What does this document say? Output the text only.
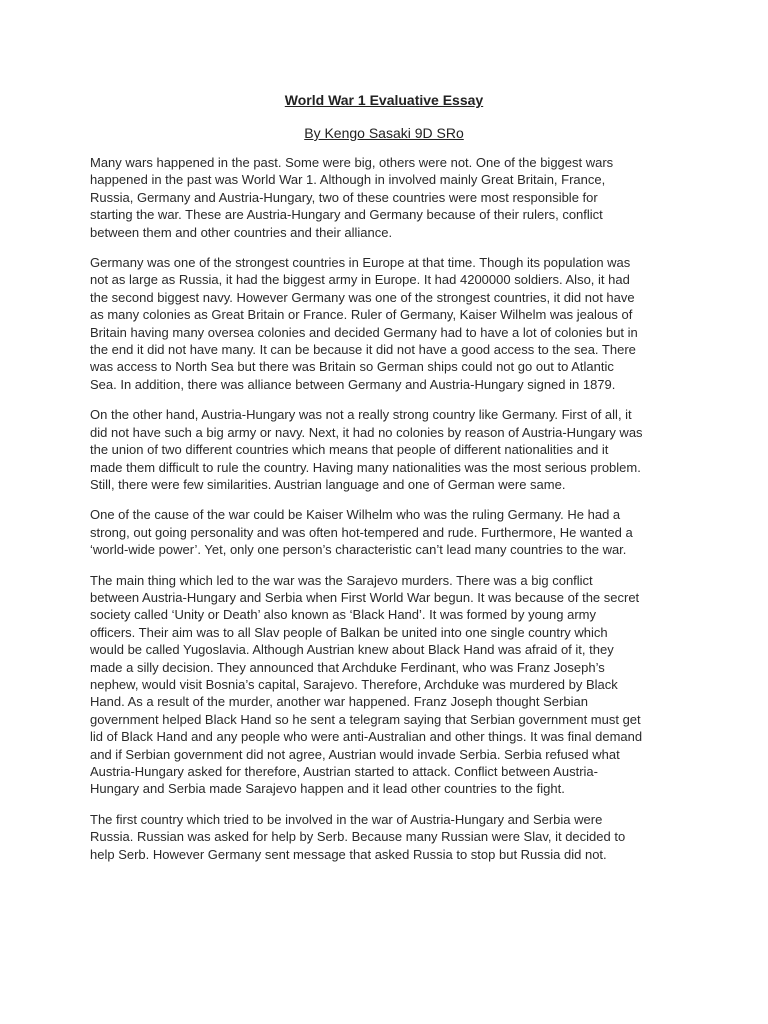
World War 1 Evaluative Essay

By Kengo Sasaki 9D SRo

Many wars happened in the past. Some were big, others were not. One of the biggest wars
happened in the past was World War 1. Although in involved mainly Great Britain, France,
Russia, Germany and Austria-Hungary, two of these countries were most responsible for
starting the war. These are Austria-Hungary and Germany because of their rulers, conflict
between them and other countries and their alliance.

Germany was one of the strongest countries in Europe at that time. Though its population was
not as large as Russia, it had the biggest army in Europe. It had 4200000 soldiers. Also, it had
the second biggest navy. However Germany was one of the strongest countries, it did not have
as many colonies as Great Britain or France. Ruler of Germany, Kaiser Wilhelm was jealous of
Britain having many oversea colonies and decided Germany had to have a lot of colonies but in
the end it did not have many. It can be because it did not have a good access to the sea. There
was access to North Sea but there was Britain so German ships could not go out to Atlantic
Sea. In addition, there was alliance between Germany and Austria-Hungary signed in 1879.

On the other hand, Austria-Hungary was not a really strong country like Germany. First of all, it
did not have such a big army or navy. Next, it had no colonies by reason of Austria-Hungary was
the union of two different countries which means that people of different nationalities and it
made them difficult to rule the country. Having many nationalities was the most serious problem.
Still, there were few similarities. Austrian language and one of German were same.

One of the cause of the war could be Kaiser Wilhelm who was the ruling Germany. He had a
strong, out going personality and was often hot-tempered and rude. Furthermore, He wanted a
‘world-wide power’. Yet, only one person’s characteristic can’t lead many countries to the war.

The main thing which led to the war was the Sarajevo murders. There was a big conflict
between Austria-Hungary and Serbia when First World War begun. It was because of the secret
society called ‘Unity or Death’ also known as ‘Black Hand’. It was formed by young army
officers. Their aim was to all Slav people of Balkan be united into one single country which
would be called Yugoslavia. Although Austrian knew about Black Hand was afraid of it, they
made a silly decision. They announced that Archduke Ferdinant, who was Franz Joseph’s
nephew, would visit Bosnia’s capital, Sarajevo. Therefore, Archduke was murdered by Black
Hand. As a result of the murder, another war happened. Franz Joseph thought Serbian
government helped Black Hand so he sent a telegram saying that Serbian government must get
lid of Black Hand and any people who were anti-Australian and other things. It was final demand
and if Serbian government did not agree, Austrian would invade Serbia. Serbia refused what
Austria-Hungary asked for therefore, Austrian started to attack. Conflict between Austria-
Hungary and Serbia made Sarajevo happen and it lead other countries to the fight.

The first country which tried to be involved in the war of Austria-Hungary and Serbia were
Russia. Russian was asked for help by Serb. Because many Russian were Slav, it decided to
help Serb. However Germany sent message that asked Russia to stop but Russia did not.
